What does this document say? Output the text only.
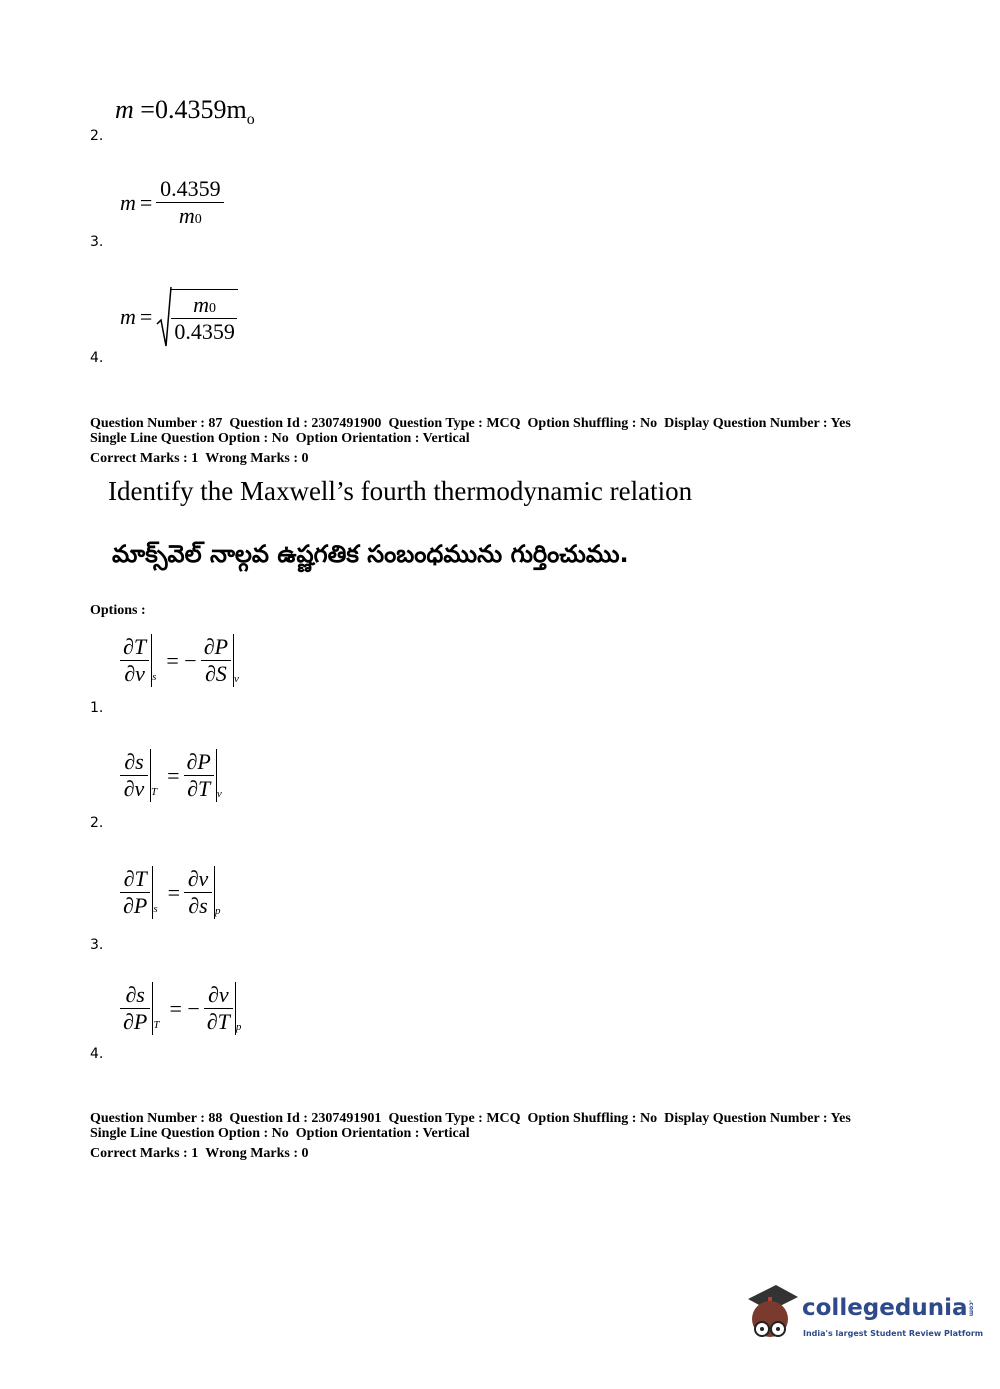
$m =0.4359m_o$
2.
$m = \frac{0.4359}{m0}$
3.
$m = \frac{m0}{0.4359}$
4.
Question Number : 87 Question Id : 2307491900 Question Type : MCQ Option Shuffling : No Display Question Number : Yes
Single Line Question Option : No Option Orientation : Vertical
Correct Marks : 1 Wrong Marks : 0
Identify the Maxwell’s fourth thermodynamic relation
మాక్స్‌వెల్ నాల్గవ ఉష్ణగతిక సంబంధమును గుర్తించుము.
Options :
$\frac{\partial T}{\partial v}$ s
= − $\frac{\partial P}{\partial S}$ v
1.
$\frac{\partial s}{\partial v}$ T
= $\frac{\partial P}{\partial T}$ v
2.
$\frac{\partial T}{\partial P}$ s
= $\frac{\partial v}{\partial s}$ p
3.
$\frac{\partial s}{\partial P}$ T
= − $\frac{\partial v}{\partial T}$ p
4.
Question Number : 88 Question Id : 2307491901 Question Type : MCQ Option Shuffling : No Display Question Number : Yes
Single Line Question Option : No Option Orientation : Vertical
Correct Marks : 1 Wrong Marks : 0
collegedunia.com
India's largest Student Review Platform
